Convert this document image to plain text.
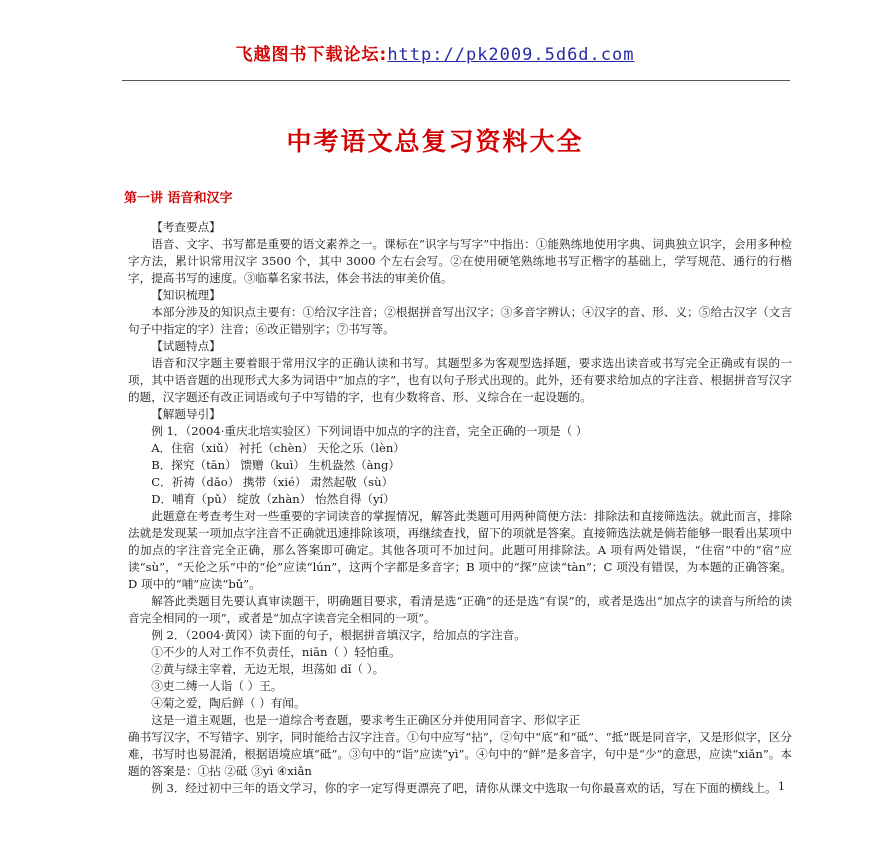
飞越图书下载论坛:http://pk2009.5d6d.com
中考语文总复习资料大全
第一讲 语音和汉字

【考查要点】

语音、文字、书写都是重要的语文素养之一。课标在“识字与写字”中指出：①能熟练地使用字典、词典独立识字，会用多种检字方法，累计识常用汉字 3500 个，其中 3000 个左右会写。②在使用硬笔熟练地书写正楷字的基础上，学写规范、通行的行楷字，提高书写的速度。③临摹名家书法，体会书法的审美价值。

【知识梳理】

本部分涉及的知识点主要有：①给汉字注音；②根据拼音写出汉字；③多音字辨认；④汉字的音、形、义；⑤给古汉字（文言句子中指定的字）注音；⑥改正错别字；⑦书写等。

【试题特点】

语音和汉字题主要着眼于常用汉字的正确认读和书写。其题型多为客观型选择题，要求选出读音或书写完全正确或有误的一项，其中语音题的出现形式大多为词语中“加点的字”，也有以句子形式出现的。此外，还有要求给加点的字注音、根据拼音写汉字的题，汉字题还有改正词语或句子中写错的字，也有少数将音、形、义综合在一起设题的。

【解题导引】

例 1．（2004·重庆北培实验区）下列词语中加点的字的注音，完全正确的一项是（ ）

A．住宿（xiǔ） 衬托（chèn） 天伦之乐（lèn）

B．探究（tān） 馈赠（kuì） 生机盎然（àng）

C．祈祷（dǎo） 携带（xié） 肃然起敬（sù）

D．哺育（pǔ） 绽放（zhàn） 怡然自得（yí）

此题意在考查考生对一些重要的字词读音的掌握情况，解答此类题可用两种简便方法：排除法和直接筛选法。就此而言，排除法就是发现某一项加点字注音不正确就迅速排除该项，再继续查找，留下的项就是答案。直接筛选法就是倘若能够一眼看出某项中的加点的字注音完全正确，那么答案即可确定。其他各项可不加过问。此题可用排除法。A 项有两处错误，“住宿”中的“宿”应读“sù”，“天伦之乐”中的“伦”应读“lún”，这两个字都是多音字；B 项中的“探”应读“tàn”；C 项没有错误，为本题的正确答案。D 项中的“哺”应读“bǔ”。

解答此类题目先要认真审读题干，明确题目要求，看清是选“正确”的还是选“有误”的，或者是选出“加点字的读音与所给的读音完全相同的一项”，或者是“加点字读音完全相同的一项”。

例 2．（2004·黄冈）读下面的句子，根据拼音填汉字，给加点的字注音。

①不少的人对工作不负责任，niān（ ）轻怕重。

②黄与绿主宰着，无边无垠，坦荡如 dǐ（ ）。

③吏二缚一人诣（ ）王。

④菊之爱，陶后鲜（ ）有闻。

这是一道主观题，也是一道综合考查题，要求考生正确区分并使用同音字、形似字正

确书写汉字，不写错字、别字，同时能给古汉字注音。①句中应写“拈”，②句中“底”和“砥”、“抵”既是同音字，又是形似字，区分难，书写时也易混淆，根据语境应填“砥”。③句中的“诣”应读“yì”。④句中的“鲜”是多音字，句中是“少”的意思，应读“xiǎn”。本题的答案是：①拈 ②砥 ③yì ④xiǎn

例 3．经过初中三年的语文学习，你的字一定写得更漂亮了吧，请你从课文中选取一句你最喜欢的话，写在下面的横线上。 1
